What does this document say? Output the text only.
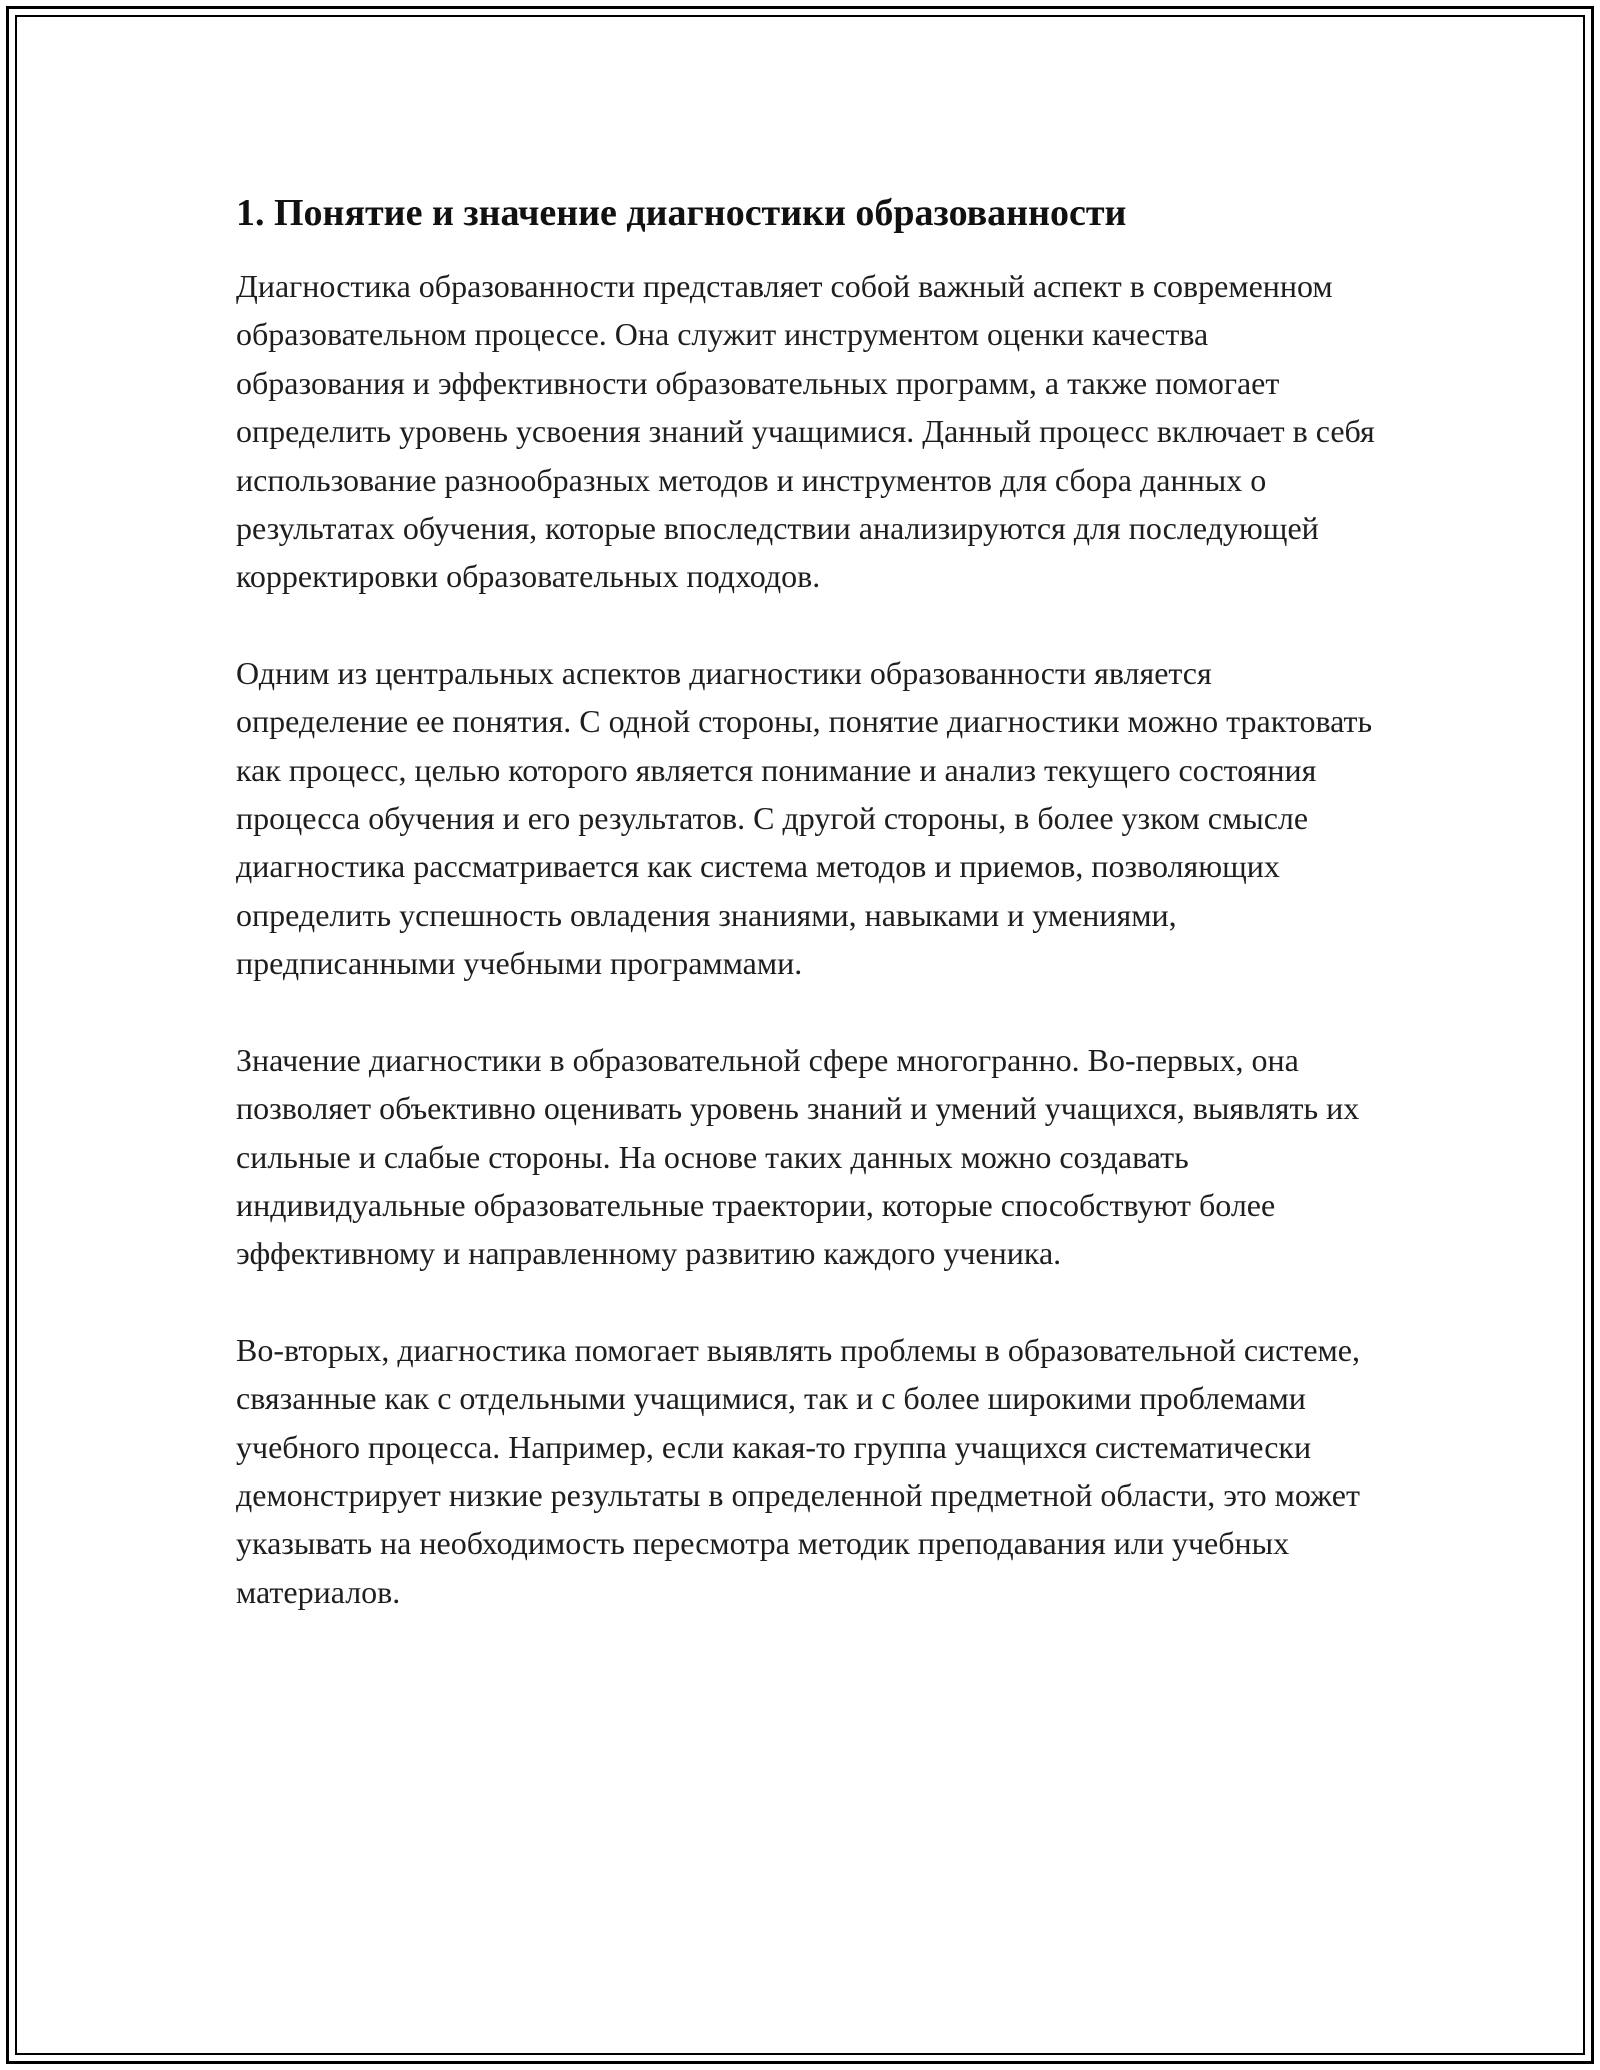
1. Понятие и значение диагностики образованности

Диагностика образованности представляет собой важный аспект в современном образовательном процессе. Она служит инструментом оценки качества образования и эффективности образовательных программ, а также помогает определить уровень усвоения знаний учащимися. Данный процесс включает в себя использование разнообразных методов и инструментов для сбора данных о результатах обучения, которые впоследствии анализируются для последующей корректировки образовательных подходов.

Одним из центральных аспектов диагностики образованности является определение ее понятия. С одной стороны, понятие диагностики можно трактовать как процесс, целью которого является понимание и анализ текущего состояния процесса обучения и его результатов. С другой стороны, в более узком смысле диагностика рассматривается как система методов и приемов, позволяющих определить успешность овладения знаниями, навыками и умениями, предписанными учебными программами.

Значение диагностики в образовательной сфере многогранно. Во-первых, она позволяет объективно оценивать уровень знаний и умений учащихся, выявлять их сильные и слабые стороны. На основе таких данных можно создавать индивидуальные образовательные траектории, которые способствуют более эффективному и направленному развитию каждого ученика.

Во-вторых, диагностика помогает выявлять проблемы в образовательной системе, связанные как с отдельными учащимися, так и с более широкими проблемами учебного процесса. Например, если какая-то группа учащихся систематически демонстрирует низкие результаты в определенной предметной области, это может указывать на необходимость пересмотра методик преподавания или учебных материалов.
